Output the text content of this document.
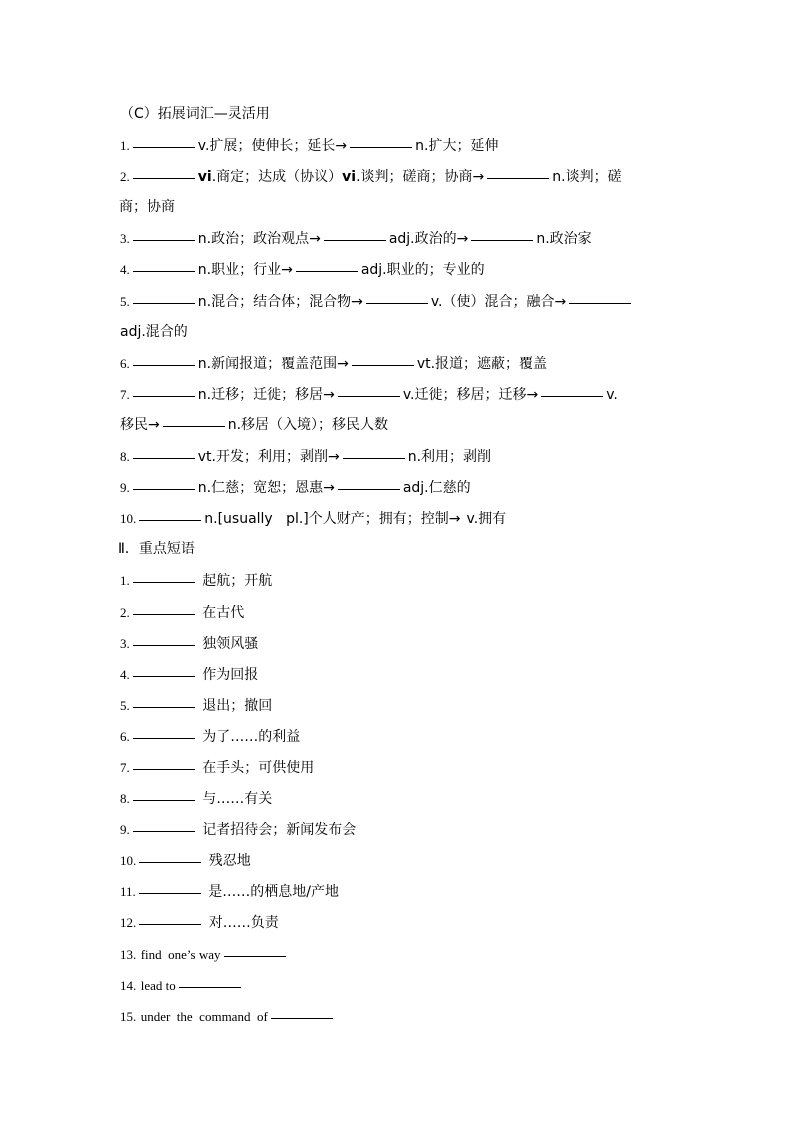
（C）拓展词汇—灵活用
1.	v.扩展；使伸长；延长→	n.扩大；延伸
2.	vi.商定；达成（协议）vi.谈判；磋商；协商→	n.谈判；磋
商；协商
3.	n.政治；政治观点→	adj.政治的→	n.政治家
4.	n.职业；行业→	adj.职业的；专业的
5.	n.混合；结合体；混合物→	v.（使）混合；融合→
adj.混合的
6.	n.新闻报道；覆盖范围→	vt.报道；遮蔽；覆盖
7.	n.迁移；迁徙；移居→	v.迁徙；移居；迁移→	v.
移民→	n.移居（入境）；移民人数
8.	vt.开发；利用；剥削→	n.利用；剥削
9.	n.仁慈；宽恕；恩惠→	adj.仁慈的
10.	n.[usually   pl.]个人财产；拥有；控制→ v.拥有
Ⅱ．重点短语
1.	起航；开航
2.	在古代
3.	独领风骚
4.	作为回报
5.	退出；撤回
6.	为了……的利益
7.	在手头；可供使用
8.	与……有关
9.	记者招待会；新闻发布会
10.	残忍地
11.	是……的栖息地/产地
12.	对……负责
13. find  one’s way
14. lead to
15. under  the  command  of
